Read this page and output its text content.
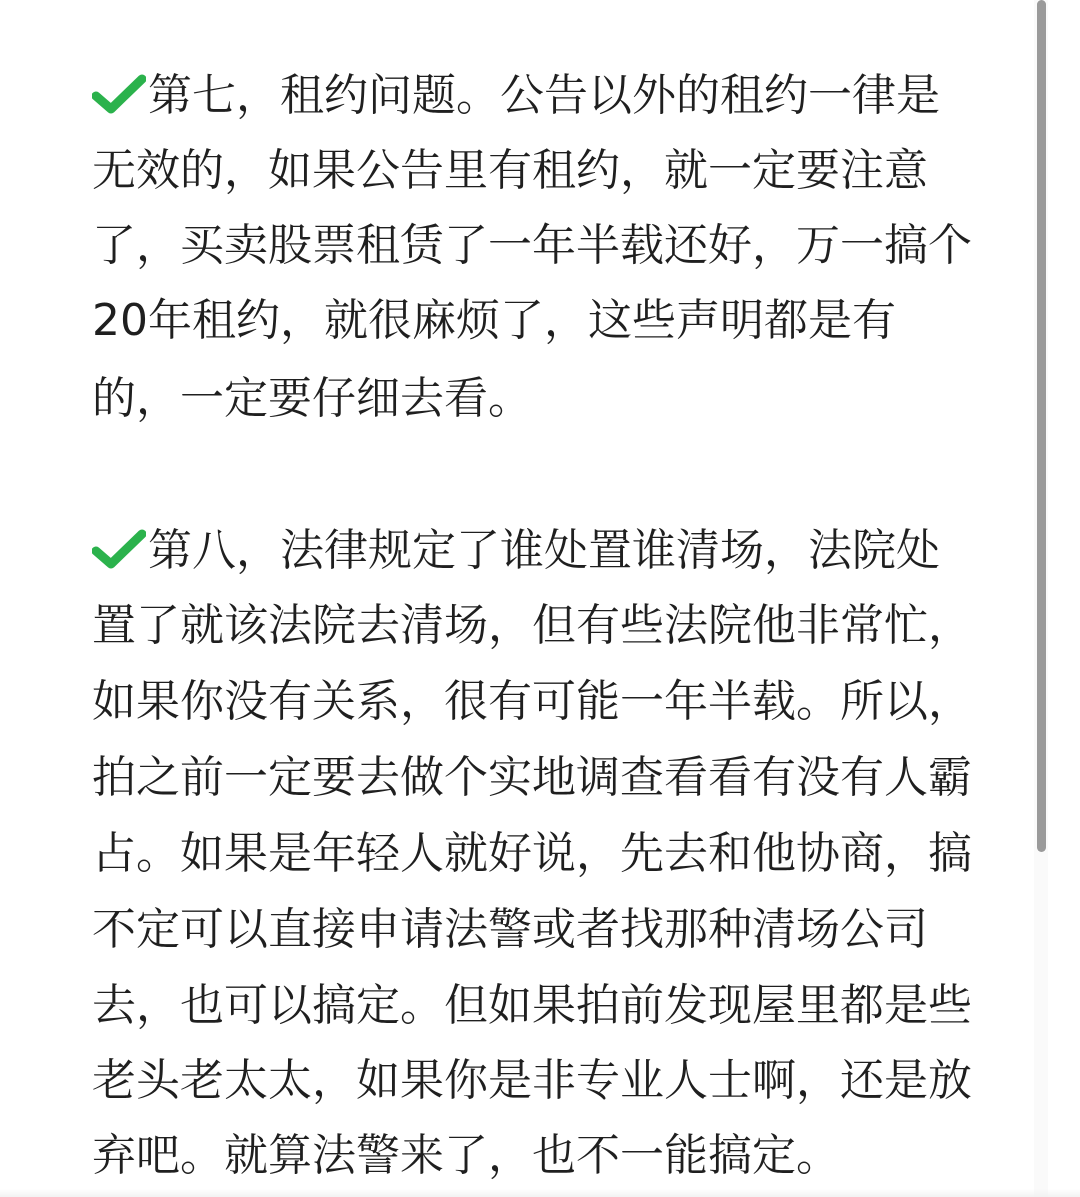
第七，租约问题。公告以外的租约一律是
无效的，如果公告里有租约，就一定要注意
了，买卖股票租赁了一年半载还好，万一搞个
20年租约，就很麻烦了，这些声明都是有
的，一定要仔细去看。
第八，法律规定了谁处置谁清场，法院处
置了就该法院去清场，但有些法院他非常忙，
如果你没有关系，很有可能一年半载。所以，
拍之前一定要去做个实地调查看看有没有人霸
占。如果是年轻人就好说，先去和他协商，搞
不定可以直接申请法警或者找那种清场公司
去，也可以搞定。但如果拍前发现屋里都是些
老头老太太，如果你是非专业人士啊，还是放
弃吧。就算法警来了，也不一能搞定。
